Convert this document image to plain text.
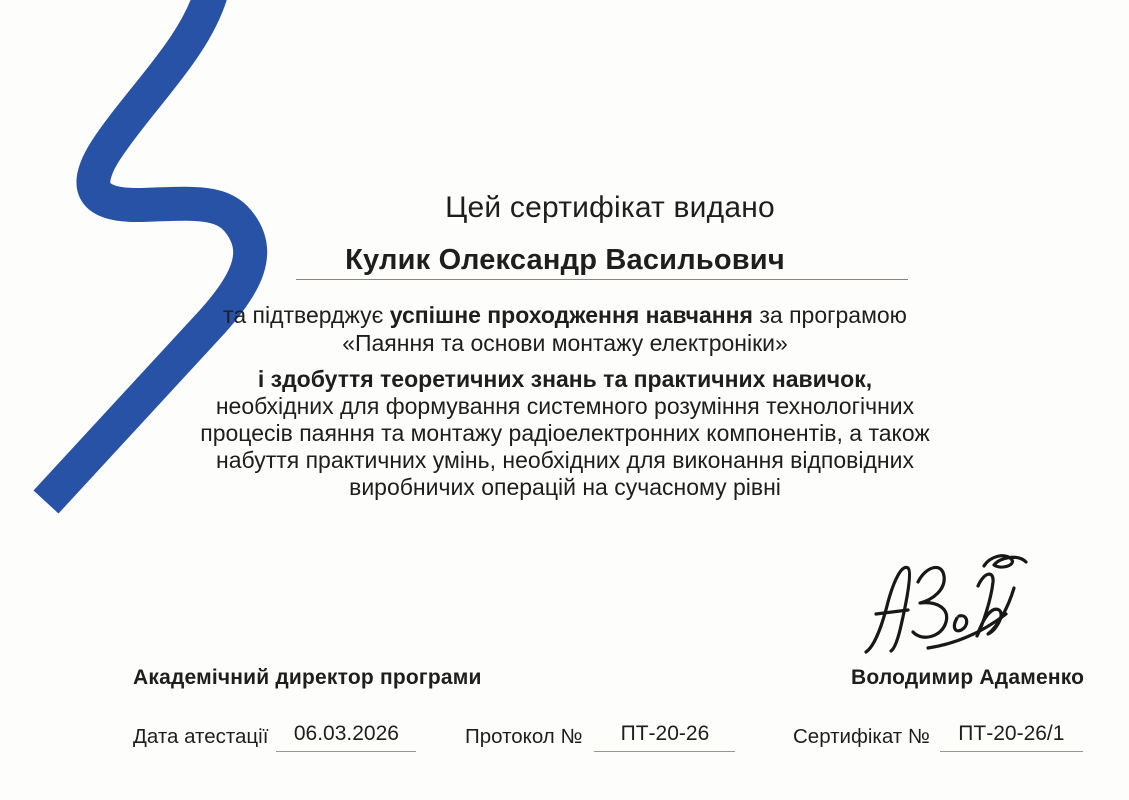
Цей сертифікат видано
Кулик Олександр Васильович
та підтверджує успішне проходження навчання за програмою
«Паяння та основи монтажу електроніки»
і здобуття теоретичних знань та практичних навичок,
необхідних для формування системного розуміння технологічних
процесів паяння та монтажу радіоелектронних компонентів, а також
набуття практичних умінь, необхідних для виконання відповідних
виробничих операцій на сучасному рівні
Академічний директор програми	Володимир Адаменко
Дата атестації	06.03.2026	Протокол №	ПТ-20-26	Сертифікат №	ПТ-20-26/1
